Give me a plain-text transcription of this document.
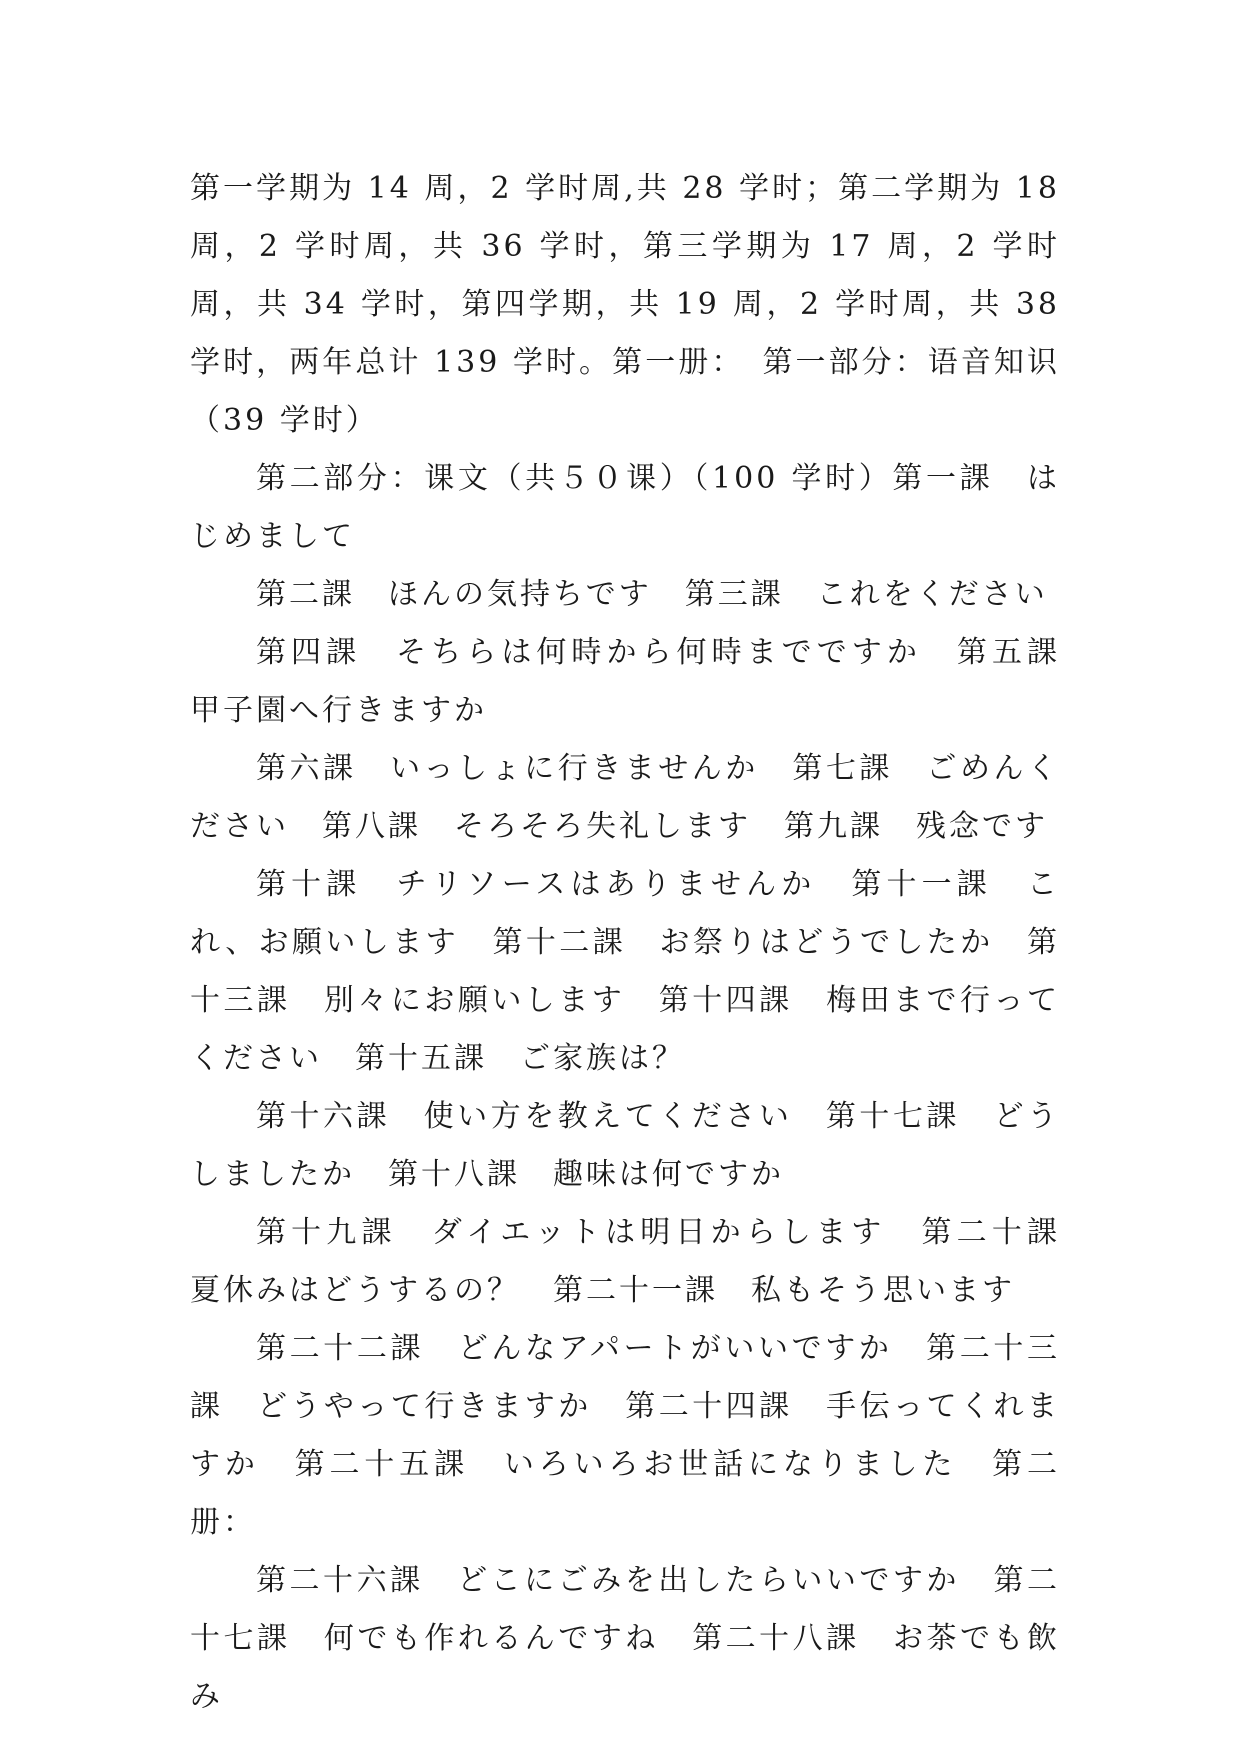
第一学期为 14 周，2 学时周,共 28 学时；第二学期为 18 周，2 学时周，共 36 学时，第三学期为 17 周，2 学时周，共 34 学时，第四学期，共 19 周，2 学时周，共 38 学时，两年总计 139 学时。第一册：　第一部分：语音知识（39 学时）

第二部分：课文（共５０课）（100 学时）第一課　はじめまして

第二課　ほんの気持ちです　第三課　これをください

第四課　そちらは何時から何時までですか　第五課　甲子園へ行きますか

第六課　いっしょに行きませんか　第七課　ごめんください　第八課　そろそろ失礼します　第九課　残念です

第十課　チリソースはありませんか　第十一課　これ、お願いします　第十二課　お祭りはどうでしたか　第十三課　別々にお願いします　第十四課　梅田まで行ってください　第十五課　ご家族は？

第十六課　使い方を教えてください　第十七課　どうしましたか　第十八課　趣味は何ですか

第十九課　ダイエットは明日からします　第二十課　夏休みはどうするの？　第二十一課　私もそう思います

第二十二課　どんなアパートがいいですか　第二十三課　どうやって行きますか　第二十四課　手伝ってくれますか　第二十五課　いろいろお世話になりました　第二册：

第二十六課　どこにごみを出したらいいですか　第二十七課　何でも作れるんですね　第二十八課　お茶でも飲み
